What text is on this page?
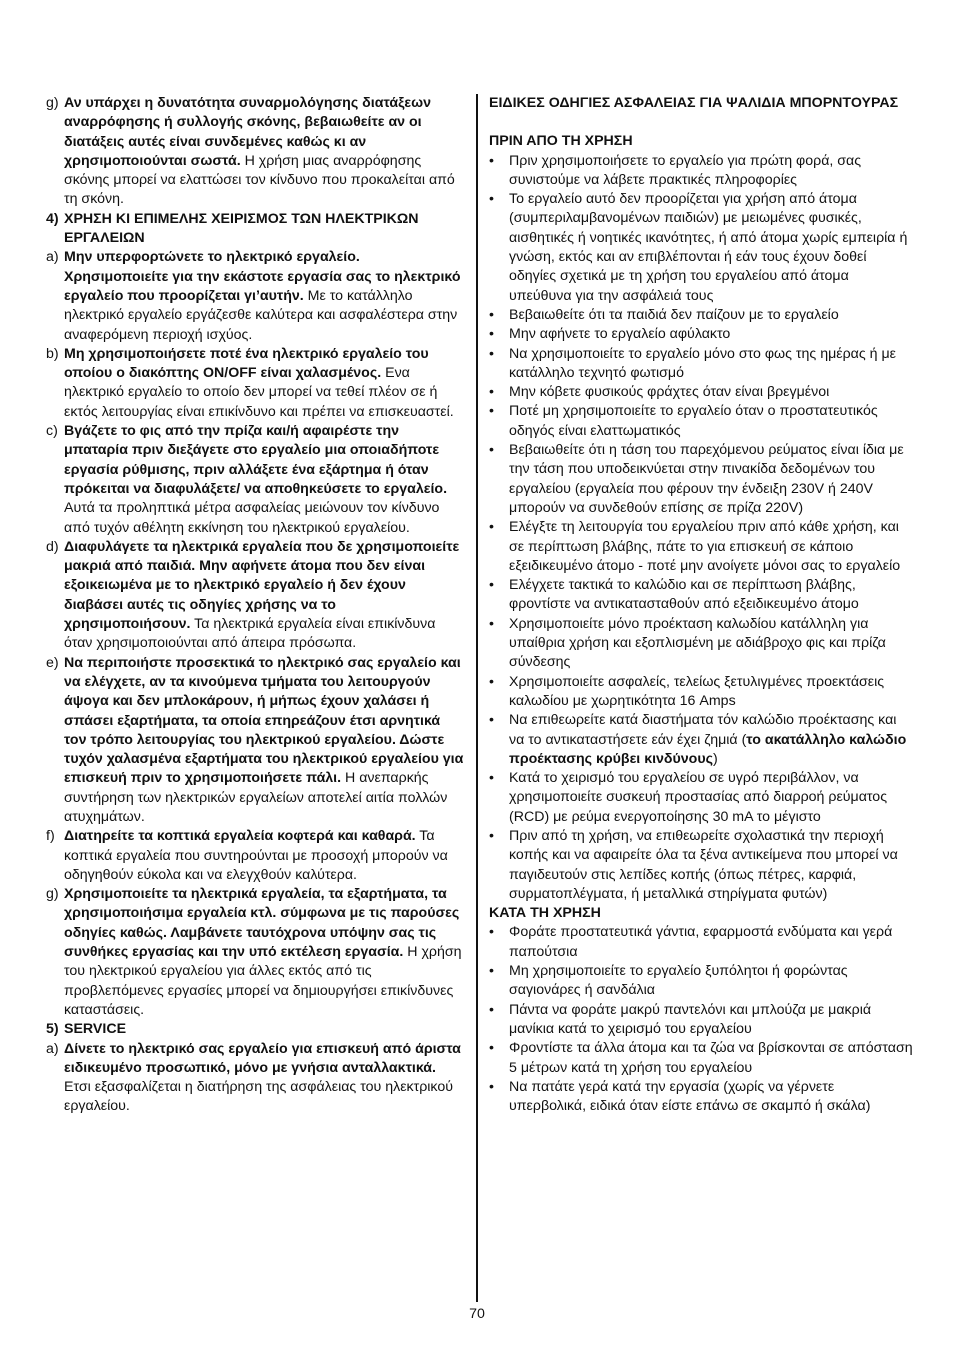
g) Αν υπάρχει η δυνατότητα συναρμολόγησης διατάξεων αναρρόφησης ή συλλογής σκόνης, βεβαιωθείτε αν οι διατάξεις αυτές είναι συνδεμένες καθώς κι αν χρησιμοποιούνται σωστά. Η χρήση μιας αναρρόφησης σκόνης μπορεί να ελαττώσει τον κίνδυνο που προκαλείται από τη σκόνη.
4) ΧΡΗΣΗ ΚΙ ΕΠΙΜΕΛΗΣ ΧΕΙΡΙΣΜΟΣ ΤΩΝ ΗΛΕΚΤΡΙΚΩΝ ΕΡΓΑΛΕΙΩΝ
a) Μην υπερφορτώνετε το ηλεκτρικό εργαλείο. Χρησιμοποιείτε για την εκάστοτε εργασία σας το ηλεκτρικό εργαλείο που προορίζεται γι’αυτήν. Με το κατάλληλο ηλεκτρικό εργαλείο εργάζεσθε καλύτερα και ασφαλέστερα στην αναφερόμενη περιοχή ισχύος.
b) Μη χρησιμοποιήσετε ποτέ ένα ηλεκτρικό εργαλείο του οποίου ο διακόπτης ON/OFF είναι χαλασμένος. Ενα ηλεκτρικό εργαλείο το οποίο δεν μπορεί να τεθεί πλέον σε ή εκτός λειτουργίας είναι επικίνδυνο και πρέπει να επισκευαστεί.
c) Βγάζετε το φις από την πρίζα και/ή αφαιρέστε την μπαταρία πριν διεξάγετε στο εργαλείο μια οποιαδήποτε εργασία ρύθμισης, πριν αλλάξετε ένα εξάρτημα ή όταν πρόκειται να διαφυλάξετε/ να αποθηκεύσετε το εργαλείο. Αυτά τα προληπτικά μέτρα ασφαλείας μειώνουν τον κίνδυνο από τυχόν αθέλητη εκκίνηση του ηλεκτρικού εργαλείου.
d) Διαφυλάγετε τα ηλεκτρικά εργαλεία που δε χρησιμοποιείτε μακριά από παιδιά. Μην αφήνετε άτομα που δεν είναι εξοικειωμένα με το ηλεκτρικό εργαλείο ή δεν έχουν διαβάσει αυτές τις οδηγίες χρήσης να το χρησιμοποιήσουν. Τα ηλεκτρικά εργαλεία είναι επικίνδυνα όταν χρησιμοποιούνται από άπειρα πρόσωπα.
e) Να περιποιήστε προσεκτικά το ηλεκτρικό σας εργαλείο και να ελέγχετε, αν τα κινούμενα τμήματα του λειτουργούν άψογα και δεν μπλοκάρουν, ή μήπως έχουν χαλάσει ή σπάσει εξαρτήματα, τα οποία επηρεάζουν έτσι αρνητικά τον τρόπο λειτουργίας του ηλεκτρικού εργαλείου. Δώστε τυχόν χαλασμένα εξαρτήματα του ηλεκτρικού εργαλείου για επισκευή πριν το χρησιμοποιήσετε πάλι. Η ανεπαρκής συντήρηση των ηλεκτρικών εργαλείων αποτελεί αιτία πολλών ατυχημάτων.
f) Διατηρείτε τα κοπτικά εργαλεία κοφτερά και καθαρά. Τα κοπτικά εργαλεία που συντηρούνται με προσοχή μπορούν να οδηγηθούν εύκολα και να ελεγχθούν καλύτερα.
g) Χρησιμοποιείτε τα ηλεκτρικά εργαλεία, τα εξαρτήματα, τα χρησιμοποιήσιμα εργαλεία κτλ. σύμφωνα με τις παρούσες οδηγίες καθώς. Λαμβάνετε ταυτόχρονα υπόψην σας τις συνθήκες εργασίας και την υπό εκτέλεση εργασία. Η χρήση του ηλεκτρικού εργαλείου για άλλες εκτός από τις προβλεπόμενες εργασίες μπορεί να δημιουργήσει επικίνδυνες καταστάσεις.
5) SERVICE
a) Δίνετε το ηλεκτρικό σας εργαλείο για επισκευή από άριστα ειδικευμένο προσωπικό, μόνο με γνήσια ανταλλακτικά. Ετσι εξασφαλίζεται η διατήρηση της ασφάλειας του ηλεκτρικού εργαλείου.
ΕΙΔΙΚΕΣ ΟΔΗΓΙΕΣ ΑΣΦΑΛΕΙΑΣ ΓΙΑ ΨΑΛΙΔΙΑ ΜΠΟΡΝΤΟΥΡΑΣ
ΠΡΙΝ ΑΠΟ ΤΗ ΧΡΗΣΗ
•	Πριν χρησιμοποιήσετε το εργαλείο για πρώτη φορά, σας συνιστούμε να λάβετε πρακτικές πληροφορίες
•	Το εργαλείο αυτό δεν προορίζεται για χρήση από άτομα (συμπεριλαμβανομένων παιδιών) με μειωμένες φυσικές, αισθητικές ή νοητικές ικανότητες, ή από άτομα χωρίς εμπειρία ή γνώση, εκτός και αν επιβλέπονται ή εάν τους έχουν δοθεί οδηγίες σχετικά με τη χρήση του εργαλείου από άτομα υπεύθυνα για την ασφάλειά τους
•	Βεβαιωθείτε ότι τα παιδιά δεν παίζουν με το εργαλείο
•	Μην αφήνετε το εργαλείο αφύλακτο
•	Να χρησιμοποιείτε το εργαλείο μόνο στο φως της ημέρας ή με κατάλληλο τεχνητό φωτισμό
•	Μην κόβετε φυσικούς φράχτες όταν είναι βρεγμένοι
•	Ποτέ μη χρησιμοποιείτε το εργαλείο όταν ο προστατευτικός οδηγός είναι ελαττωματικός
•	Βεβαιωθείτε ότι η τάση του παρεχόμενου ρεύματος είναι ίδια με την τάση που υποδεικνύεται στην πινακίδα δεδομένων του εργαλείου (εργαλεία που φέρουν την ένδειξη 230V ή 240V μπορούν να συνδεθούν επίσης σε πρίζα 220V)
•	Ελέγξτε τη λειτουργία του εργαλείου πριν από κάθε χρήση, και σε περίπτωση βλάβης, πάτε το για επισκευή σε κάποιο εξειδικευμένο άτομο - ποτέ μην ανοίγετε μόνοι σας το εργαλείο
•	Ελέγχετε τακτικά το καλώδιο και σε περίπτωση βλάβης, φροντίστε να αντικατασταθούν από εξειδικευμένο άτομο
•	Χρησιμοποιείτε μόνο προέκταση καλωδίου κατάλληλη για υπαίθρια χρήση και εξοπλισμένη με αδιάβροχο φις και πρίζα σύνδεσης
•	Χρησιμοποιείτε ασφαλείς, τελείως ξετυλιγμένες προεκτάσεις καλωδίου με χωρητικότητα 16 Amps
•	Να επιθεωρείτε κατά διαστήματα τόν καλώδιο προέκτασης και να το αντικαταστήσετε εάν έχει ζημιά (το ακατάλληλο καλώδιο προέκτασης κρύβει κινδύνους)
•	Κατά το χειρισμό του εργαλείου σε υγρό περιβάλλον, να χρησιμοποιείτε συσκευή προστασίας από διαρροή ρεύματος (RCD) με ρεύμα ενεργοποίησης 30 mA το μέγιστο
•	Πριν από τη χρήση, να επιθεωρείτε σχολαστικά την περιοχή κοπής και να αφαιρείτε όλα τα ξένα αντικείμενα που μπορεί να παγιδευτούν στις λεπίδες κοπής (όπως πέτρες, καρφιά, συρματοπλέγματα, ή μεταλλικά στηρίγματα φυτών)
ΚΑΤΑ ΤΗ ΧΡΗΣΗ
•	Φοράτε προστατευτικά γάντια, εφαρμοστά ενδύματα και γερά παπούτσια
•	Μη χρησιμοποιείτε το εργαλείο ξυπόλητοι ή φορώντας σαγιονάρες ή σανδάλια
•	Πάντα να φοράτε μακρύ παντελόνι και μπλούζα με μακριά μανίκια κατά το χειρισμό του εργαλείου
•	Φροντίστε τα άλλα άτομα και τα ζώα να βρίσκονται σε απόσταση 5 μέτρων κατά τη χρήση του εργαλείου
•	Να πατάτε γερά κατά την εργασία (χωρίς να γέρνετε υπερβολικά, ειδικά όταν είστε επάνω σε σκαμπό ή σκάλα)
70
